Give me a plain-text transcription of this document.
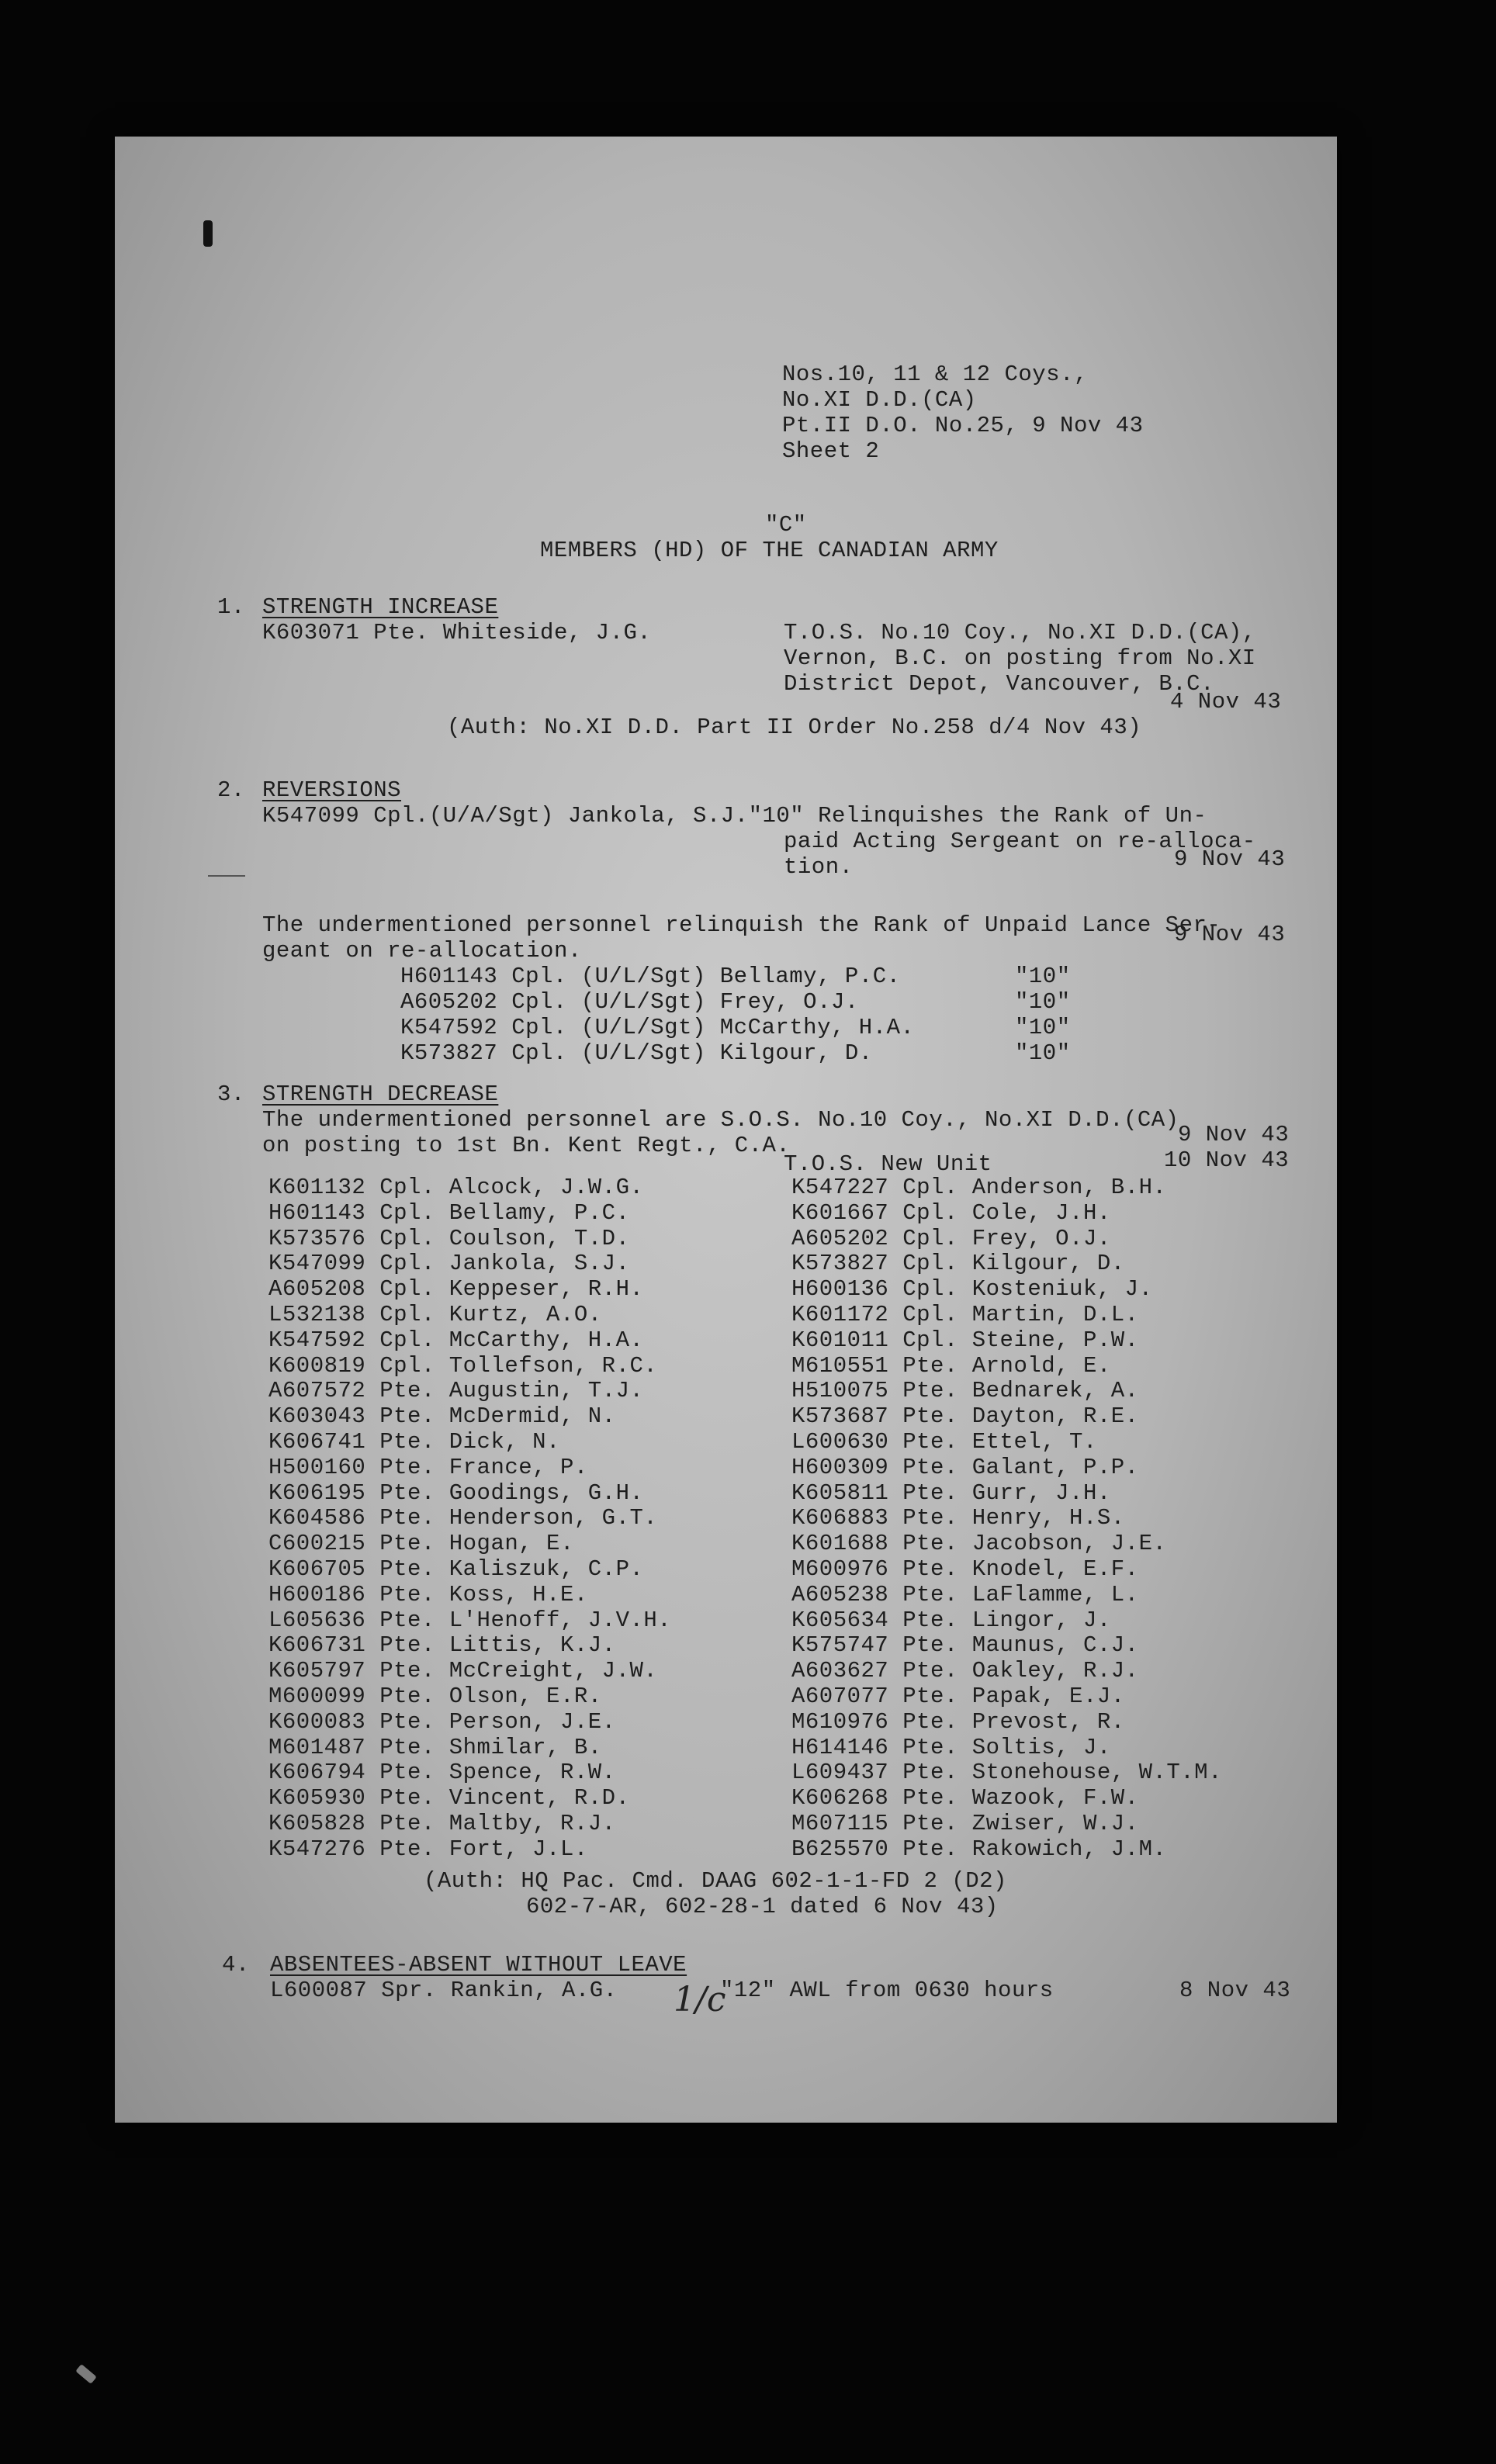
Nos.10, 11 & 12 Coys.,
No.XI D.D.(CA)
Pt.II D.O. No.25, 9 Nov 43
Sheet 2
"C"
MEMBERS (HD) OF THE CANADIAN ARMY
1. STRENGTH INCREASE
K603071 Pte. Whiteside, J.G.	T.O.S. No.10 Coy., No.XI D.D.(CA),
Vernon, B.C. on posting from No.XI
District Depot, Vancouver, B.C.
4 Nov 43
(Auth: No.XI D.D. Part II Order No.258 d/4 Nov 43)
2. REVERSIONS
K547099 Cpl.(U/A/Sgt) Jankola, S.J."10" Relinquishes the Rank of Un-
paid Acting Sergeant on re-alloca-
tion.	9 Nov 43
The undermentioned personnel relinquish the Rank of Unpaid Lance Ser-
geant on re-allocation.
9 Nov 43
H601143 Cpl. (U/L/Sgt) Bellamy, P.C.	"10"
A605202 Cpl. (U/L/Sgt) Frey, O.J.	"10"
K547592 Cpl. (U/L/Sgt) McCarthy, H.A.	"10"
K573827 Cpl. (U/L/Sgt) Kilgour, D.	"10"
3. STRENGTH DECREASE
The undermentioned personnel are S.O.S. No.10 Coy., No.XI D.D.(CA)
on posting to 1st Bn. Kent Regt., C.A.	9 Nov 43
10 Nov 43
T.O.S. New Unit
K601132 Cpl. Alcock, J.W.G.	K547227 Cpl. Anderson, B.H.
H601143 Cpl. Bellamy, P.C.	K601667 Cpl. Cole, J.H.
K573576 Cpl. Coulson, T.D.	A605202 Cpl. Frey, O.J.
K547099 Cpl. Jankola, S.J.	K573827 Cpl. Kilgour, D.
A605208 Cpl. Keppeser, R.H.	H600136 Cpl. Kosteniuk, J.
L532138 Cpl. Kurtz, A.O.	K601172 Cpl. Martin, D.L.
K547592 Cpl. McCarthy, H.A.	K601011 Cpl. Steine, P.W.
K600819 Cpl. Tollefson, R.C.	M610551 Pte. Arnold, E.
A607572 Pte. Augustin, T.J.	H510075 Pte. Bednarek, A.
K603043 Pte. McDermid, N.	K573687 Pte. Dayton, R.E.
K606741 Pte. Dick, N.	L600630 Pte. Ettel, T.
H500160 Pte. France, P.	H600309 Pte. Galant, P.P.
K606195 Pte. Goodings, G.H.	K605811 Pte. Gurr, J.H.
K604586 Pte. Henderson, G.T.	K606883 Pte. Henry, H.S.
C600215 Pte. Hogan, E.	K601688 Pte. Jacobson, J.E.
K606705 Pte. Kaliszuk, C.P.	M600976 Pte. Knodel, E.F.
H600186 Pte. Koss, H.E.	A605238 Pte. LaFlamme, L.
L605636 Pte. L'Henoff, J.V.H.	K605634 Pte. Lingor, J.
K606731 Pte. Littis, K.J.	K575747 Pte. Maunus, C.J.
K605797 Pte. McCreight, J.W.	A603627 Pte. Oakley, R.J.
M600099 Pte. Olson, E.R.	A607077 Pte. Papak, E.J.
K600083 Pte. Person, J.E.	M610976 Pte. Prevost, R.
M601487 Pte. Shmilar, B.	H614146 Pte. Soltis, J.
K606794 Pte. Spence, R.W.	L609437 Pte. Stonehouse, W.T.M.
K605930 Pte. Vincent, R.D.	K606268 Pte. Wazook, F.W.
K605828 Pte. Maltby, R.J.	M607115 Pte. Zwiser, W.J.
K547276 Pte. Fort, J.L.	B625570 Pte. Rakowich, J.M.
(Auth: HQ Pac. Cmd. DAAG 602-1-1-FD 2 (D2)
602-7-AR, 602-28-1 dated 6 Nov 43)
4. ABSENTEES-ABSENT WITHOUT LEAVE
L600087 Spr. Rankin, A.G.	"12" AWL from 0630 hours	8 Nov 43
1/c
